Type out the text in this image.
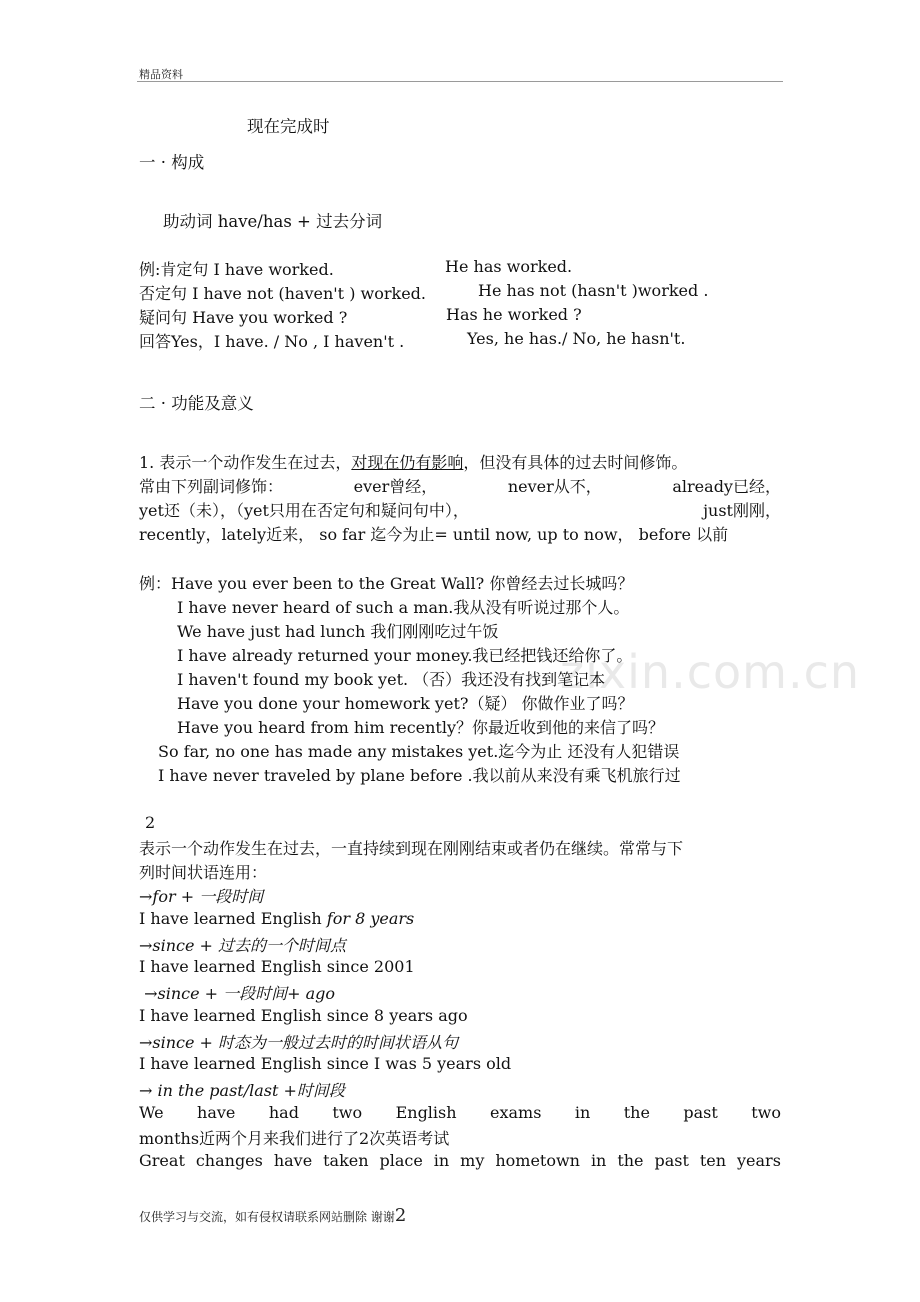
精品资料
zixin.com.cn
现在完成时
一 · 构成
助动词 have/has + 过去分词
例:肯定句 I have worked.	He has worked.
否定句 I have not (haven't ) worked.	He has not (hasn't )worked .
疑问句 Have you worked ?	Has he worked ?
回答Yes，I have. / No , I haven't .	Yes, he has./ No, he hasn't.
二 · 功能及意义
1. 表示一个动作发生在过去，对现在仍有影响，但没有具体的过去时间修饰。
常由下列副词修饰：	ever曾经，	never从不，	already已经，
yet还（未），（yet只用在否定句和疑问句中），	just刚刚，
recently，lately近来， so far 迄今为止= until now, up to now， before 以前
例：Have you ever been to the Great Wall? 你曾经去过长城吗？
I have never heard of such a man.我从没有听说过那个人。
We have just had lunch 我们刚刚吃过午饭
I have already returned your money.我已经把钱还给你了。
I haven't found my book yet. （否）我还没有找到笔记本
Have you done your homework yet?（疑） 你做作业了吗？
Have you heard from him recently？你最近收到他的来信了吗？
So far, no one has made any mistakes yet.迄今为止 还没有人犯错误
I have never traveled by plane before .我以前从来没有乘飞机旅行过
2
表示一个动作发生在过去，一直持续到现在刚刚结束或者仍在继续。常常与下
列时间状语连用：
→for + 一段时间
I have learned English for 8 years
→since + 过去的一个时间点
I have learned English since 2001
→since + 一段时间+ ago
I have learned English since 8 years ago
→since + 时态为一般过去时的时间状语从句
I have learned English since I was 5 years old
→ in the past/last +时间段
We have had two English exams in the past two
months近两个月来我们进行了2次英语考试
Great changes have taken place in my hometown in the past ten years
仅供学习与交流，如有侵权请联系网站删除 谢谢2
